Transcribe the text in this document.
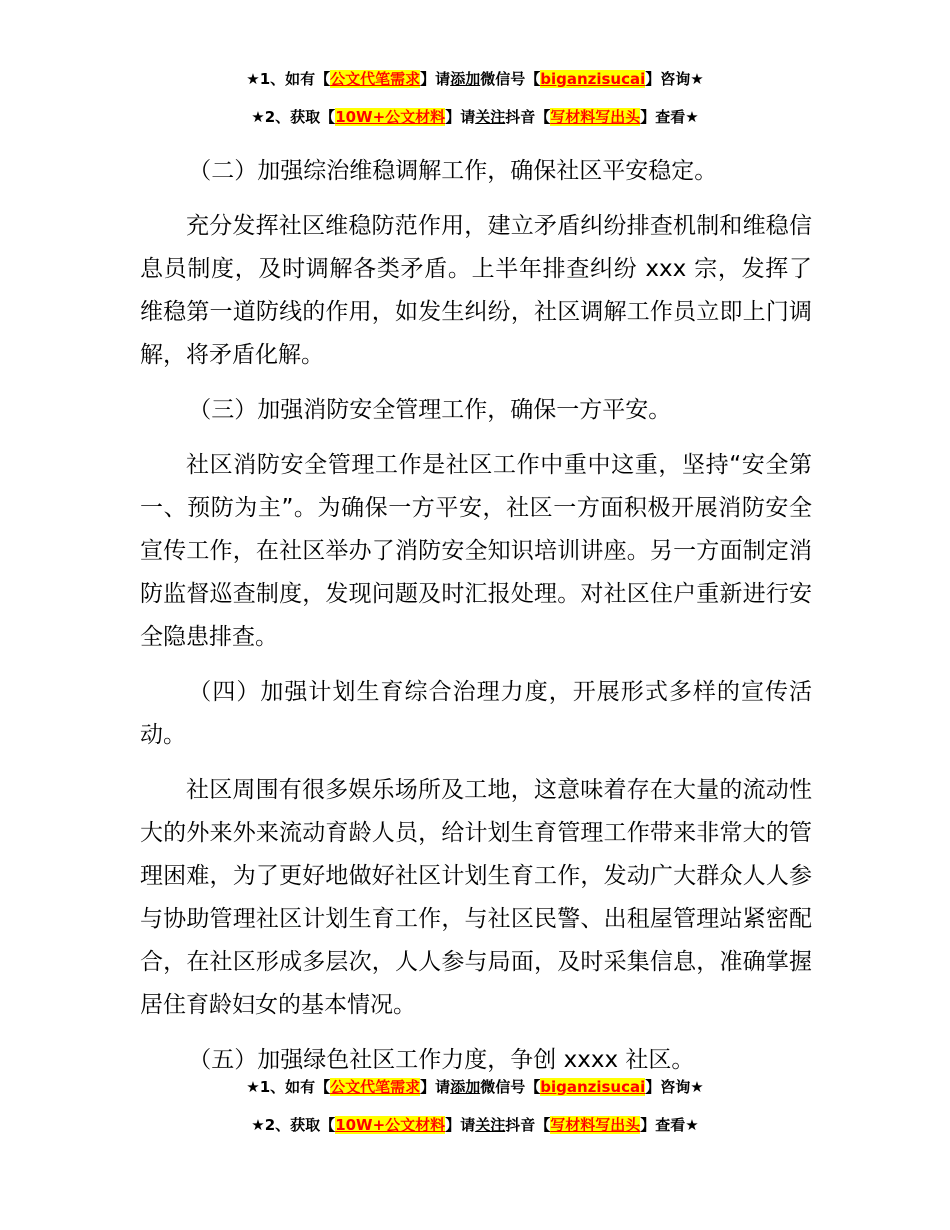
★1、如有【公文代笔需求】请添加微信号【biganzisucai】咨询★
★2、获取【10W+公文材料】请关注抖音【写材料写出头】查看★

（二）加强综治维稳调解工作，确保社区平安稳定。

充分发挥社区维稳防范作用，建立矛盾纠纷排查机制和维稳信息员制度，及时调解各类矛盾。上半年排查纠纷 xxx 宗，发挥了维稳第一道防线的作用，如发生纠纷，社区调解工作员立即上门调解，将矛盾化解。

（三）加强消防安全管理工作，确保一方平安。

社区消防安全管理工作是社区工作中重中这重，坚持“安全第一、预防为主”。为确保一方平安，社区一方面积极开展消防安全宣传工作，在社区举办了消防安全知识培训讲座。另一方面制定消防监督巡查制度，发现问题及时汇报处理。对社区住户重新进行安全隐患排查。

（四）加强计划生育综合治理力度，开展形式多样的宣传活动。

社区周围有很多娱乐场所及工地，这意味着存在大量的流动性大的外来外来流动育龄人员，给计划生育管理工作带来非常大的管理困难，为了更好地做好社区计划生育工作，发动广大群众人人参与协助管理社区计划生育工作，与社区民警、出租屋管理站紧密配合，在社区形成多层次，人人参与局面，及时采集信息，准确掌握居住育龄妇女的基本情况。

（五）加强绿色社区工作力度，争创 xxxx 社区。

★1、如有【公文代笔需求】请添加微信号【biganzisucai】咨询★
★2、获取【10W+公文材料】请关注抖音【写材料写出头】查看★
